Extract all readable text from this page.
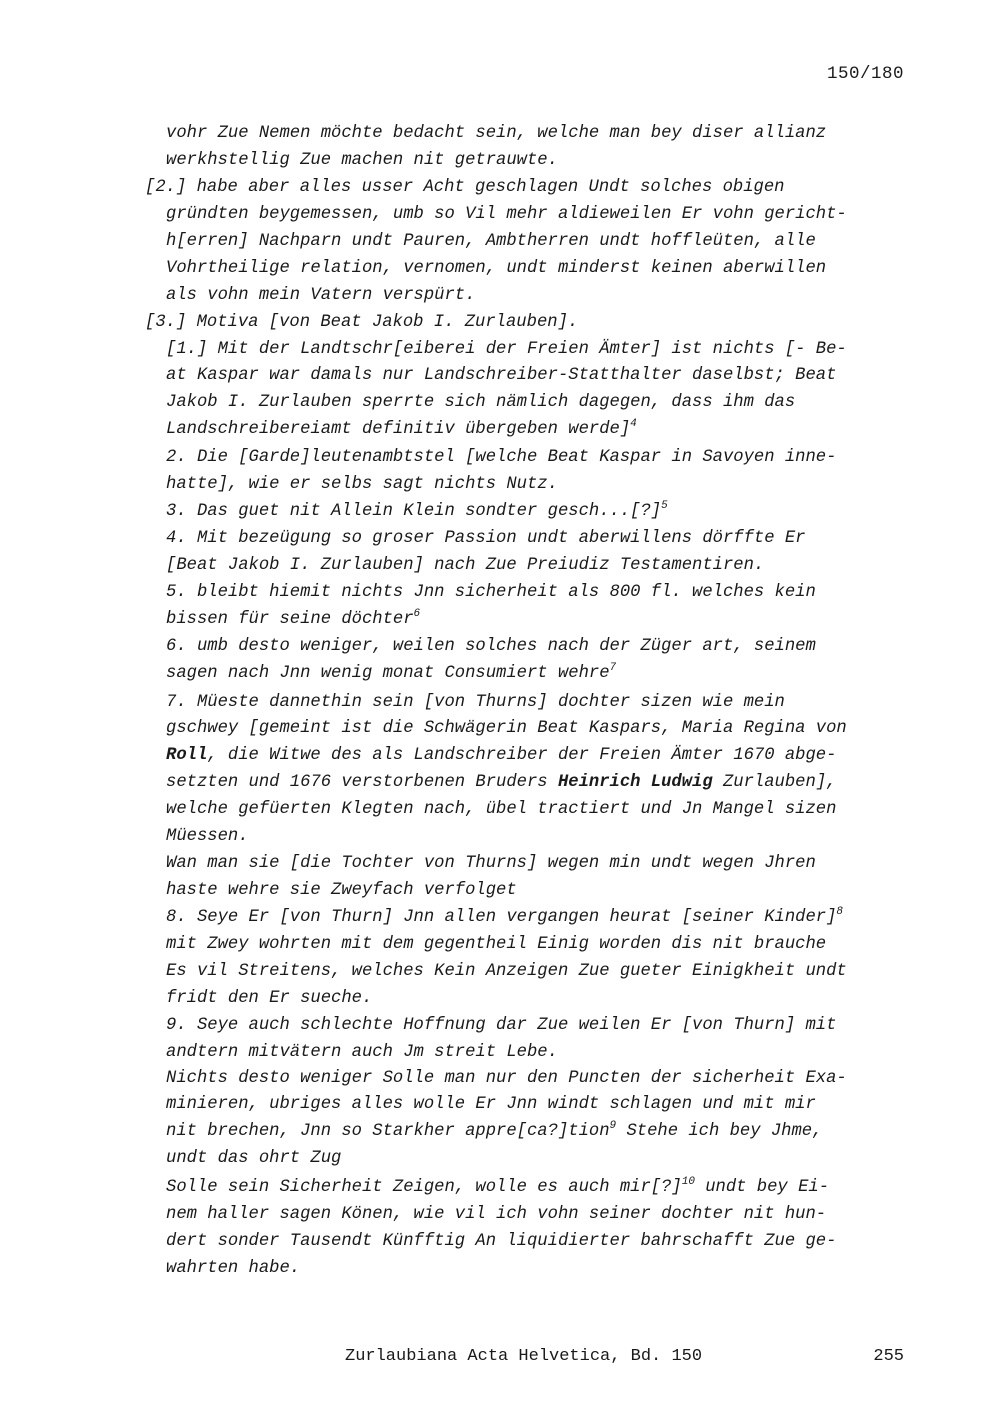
150/180
vohr Zue Nemen möchte bedacht sein, welche man bey diser allianz
werkhstellig Zue machen nit getrauwte.
[2.] habe aber alles usser Acht geschlagen Undt solches obigen
gründten beygemessen, umb so Vil mehr aldieweilen Er vohn gericht-
h[erren] Nachparn undt Pauren, Ambtherren undt hoffleüten, alle
Vohrtheilige relation, vernomen, undt minderst keinen aberwillen
als vohn mein Vatern verspürt.
[3.] Motiva [von Beat Jakob I. Zurlauben].
[1.] Mit der Landtschr[eiberei der Freien Ämter] ist nichts [- Be-
at Kaspar war damals nur Landschreiber-Statthalter daselbst; Beat
Jakob I. Zurlauben sperrte sich nämlich dagegen, dass ihm das
Landschreibereiamt definitiv übergeben werde]$^4$
2. Die [Garde]leutenambtstel [welche Beat Kaspar in Savoyen inne-
hatte], wie er selbs sagt nichts Nutz.
3. Das guet nit Allein Klein sondter gesch...[?]$^5$
4. Mit bezeügung so groser Passion undt aberwillens dörffte Er
[Beat Jakob I. Zurlauben] nach Zue Preiudiz Testamentiren.
5. bleibt hiemit nichts Jnn sicherheit als 800 fl. welches kein
bissen für seine döchter$^6$
6. umb desto weniger, weilen solches nach der Züger art, seinem
sagen nach Jnn wenig monat Consumiert wehre$^7$
7. Müeste dannethin sein [von Thurns] dochter sizen wie mein
gschwey [gemeint ist die Schwägerin Beat Kaspars, Maria Regina von
Roll, die Witwe des als Landschreiber der Freien Ämter 1670 abge-
setzten und 1676 verstorbenen Bruders Heinrich Ludwig Zurlauben],
welche gefüerten Klegten nach, übel tractiert und Jn Mangel sizen
Müessen.
Wan man sie [die Tochter von Thurns] wegen min undt wegen Jhren
haste wehre sie Zweyfach verfolget
8. Seye Er [von Thurn] Jnn allen vergangen heurat [seiner Kinder]$^8$
mit Zwey wohrten mit dem gegentheil Einig worden dis nit brauche
Es vil Streitens, welches Kein Anzeigen Zue gueter Einigkheit undt
fridt den Er sueche.
9. Seye auch schlechte Hoffnung dar Zue weilen Er [von Thurn] mit
andtern mitvätern auch Jm streit Lebe.
Nichts desto weniger Solle man nur den Puncten der sicherheit Exa-
minieren, ubriges alles wolle Er Jnn windt schlagen und mit mir
nit brechen, Jnn so Starkher appre[ca?]tion$^9$ Stehe ich bey Jhme,
undt das ohrt Zug
Solle sein Sicherheit Zeigen, wolle es auch mir[?]$^{10}$ undt bey Ei-
nem haller sagen Könen, wie vil ich vohn seiner dochter nit hun-
dert sonder Tausendt Künfftig An liquidierter bahrschafft Zue ge-
wahrten habe.
Zurlaubiana Acta Helvetica, Bd. 150	255
